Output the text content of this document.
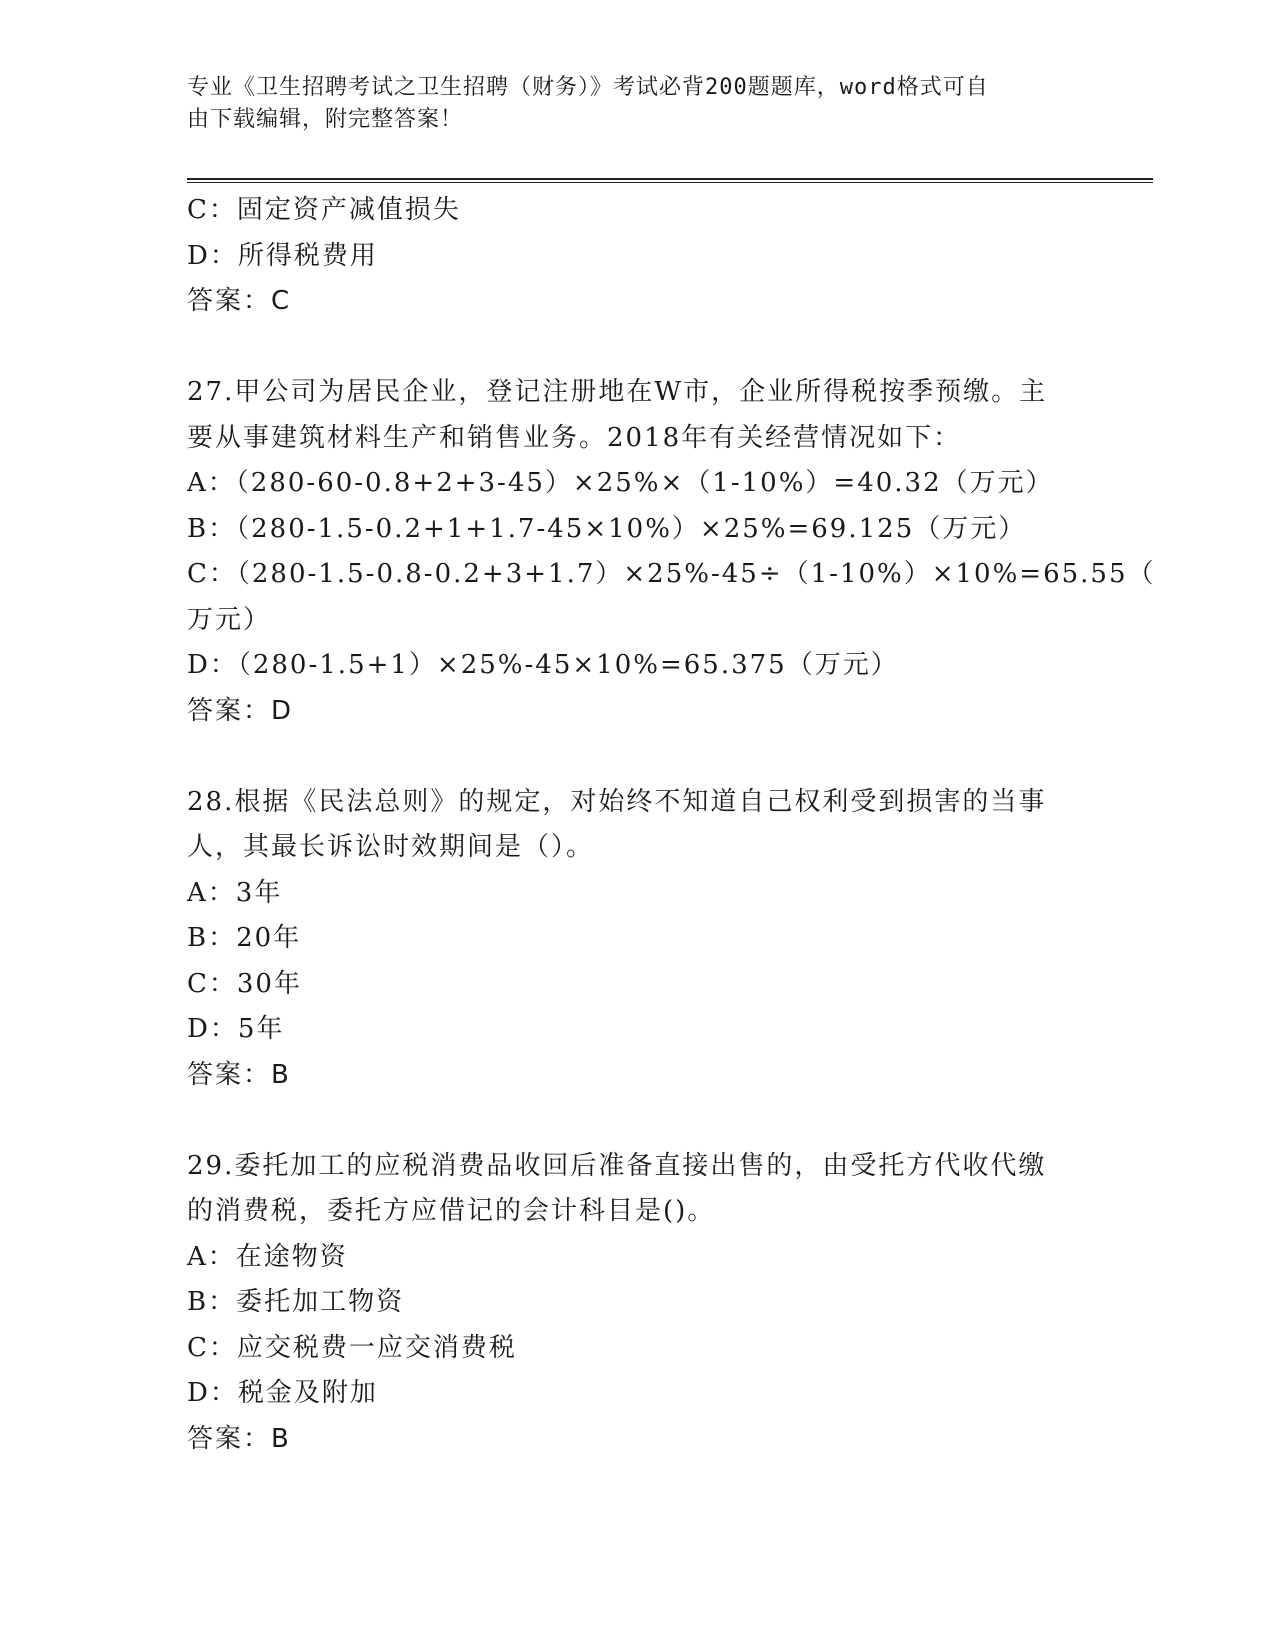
专业《卫生招聘考试之卫生招聘（财务）》考试必背200题题库，word格式可自
由下载编辑，附完整答案！
C：固定资产减值损失
D：所得税费用
答案：C
27.甲公司为居民企业，登记注册地在W市，企业所得税按季预缴。主
要从事建筑材料生产和销售业务。2018年有关经营情况如下：
A：（280-60-0.8+2+3-45）×25%×（1-10%）=40.32（万元）
B：（280-1.5-0.2+1+1.7-45×10%）×25%=69.125（万元）
C：（280-1.5-0.8-0.2+3+1.7）×25%-45÷（1-10%）×10%=65.55（
万元）
D：（280-1.5+1）×25%-45×10%=65.375（万元）
答案：D
28.根据《民法总则》的规定，对始终不知道自己权利受到损害的当事
人，其最长诉讼时效期间是（）。
A：3年
B：20年
C：30年
D：5年
答案：B
29.委托加工的应税消费品收回后准备直接出售的，由受托方代收代缴
的消费税，委托方应借记的会计科目是()。
A：在途物资
B：委托加工物资
C：应交税费一应交消费税
D：税金及附加
答案：B
